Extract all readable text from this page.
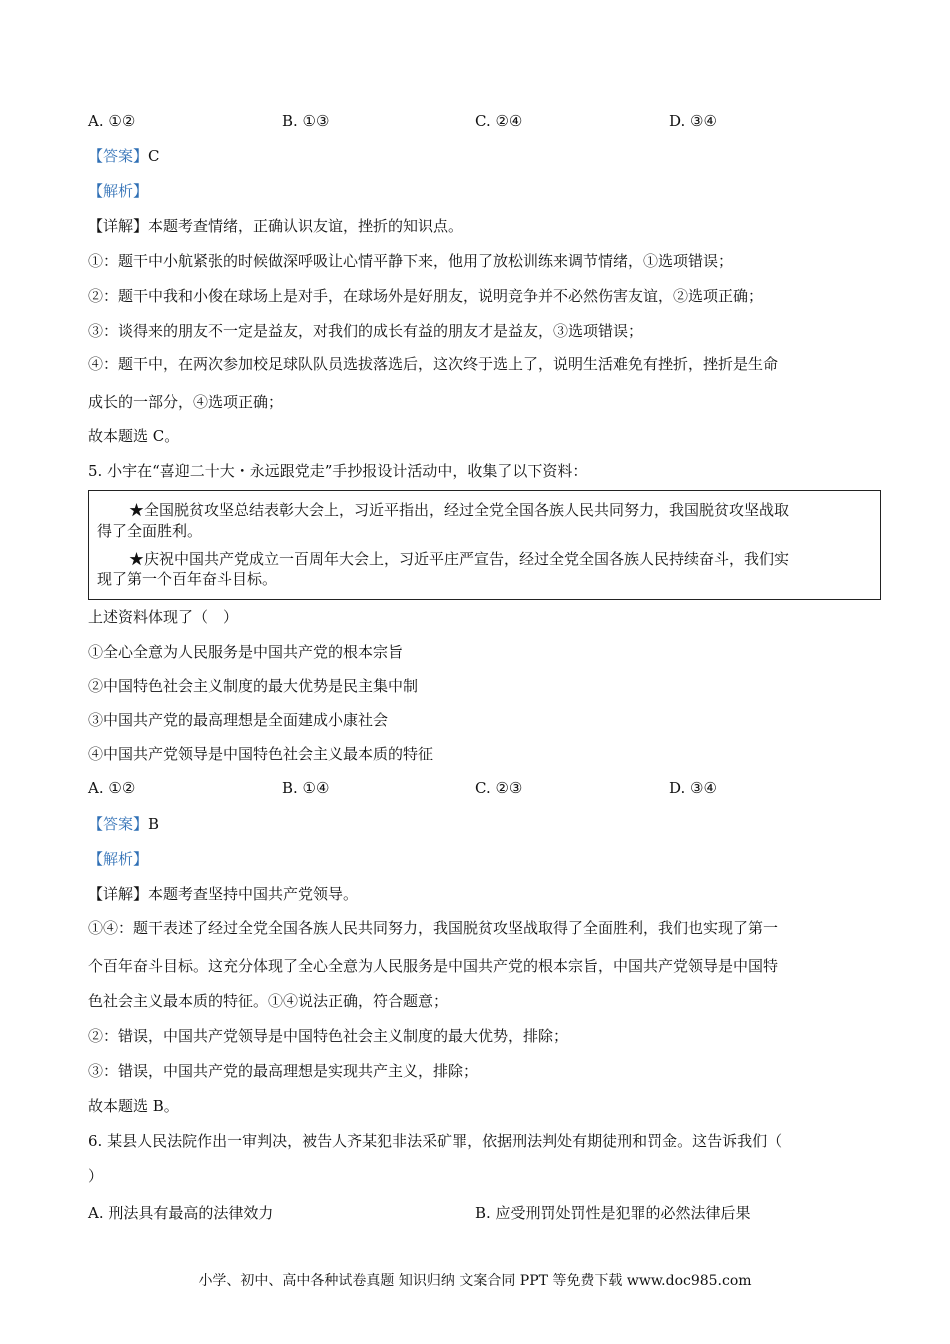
A. ①②	B. ①③	C. ②④	D. ③④
【答案】C
【解析】
【详解】本题考查情绪，正确认识友谊，挫折的知识点。
①：题干中小航紧张的时候做深呼吸让心情平静下来，他用了放松训练来调节情绪，①选项错误；
②：题干中我和小俊在球场上是对手，在球场外是好朋友，说明竞争并不必然伤害友谊，②选项正确；
③：谈得来的朋友不一定是益友，对我们的成长有益的朋友才是益友，③选项错误；
④：题干中，在两次参加校足球队队员选拔落选后，这次终于选上了，说明生活难免有挫折，挫折是生命
成长的一部分，④选项正确；
故本题选 C。
5. 小宇在“喜迎二十大・永远跟党走”手抄报设计活动中，收集了以下资料：
★全国脱贫攻坚总结表彰大会上，习近平指出，经过全党全国各族人民共同努力，我国脱贫攻坚战取
得了全面胜利。
★庆祝中国共产党成立一百周年大会上，习近平庄严宣告，经过全党全国各族人民持续奋斗，我们实
现了第一个百年奋斗目标。
上述资料体现了（　）
①全心全意为人民服务是中国共产党的根本宗旨
②中国特色社会主义制度的最大优势是民主集中制
③中国共产党的最高理想是全面建成小康社会
④中国共产党领导是中国特色社会主义最本质的特征
A. ①②	B. ①④	C. ②③	D. ③④
【答案】B
【解析】
【详解】本题考查坚持中国共产党领导。
①④：题干表述了经过全党全国各族人民共同努力，我国脱贫攻坚战取得了全面胜利，我们也实现了第一
个百年奋斗目标。这充分体现了全心全意为人民服务是中国共产党的根本宗旨，中国共产党领导是中国特
色社会主义最本质的特征。①④说法正确，符合题意；
②：错误，中国共产党领导是中国特色社会主义制度的最大优势，排除；
③：错误，中国共产党的最高理想是实现共产主义，排除；
故本题选 B。
6. 某县人民法院作出一审判决，被告人齐某犯非法采矿罪，依据刑法判处有期徒刑和罚金。这告诉我们（
）
A. 刑法具有最高的法律效力	B. 应受刑罚处罚性是犯罪的必然法律后果
小学、初中、高中各种试卷真题 知识归纳 文案合同 PPT 等免费下载 www.doc985.com
